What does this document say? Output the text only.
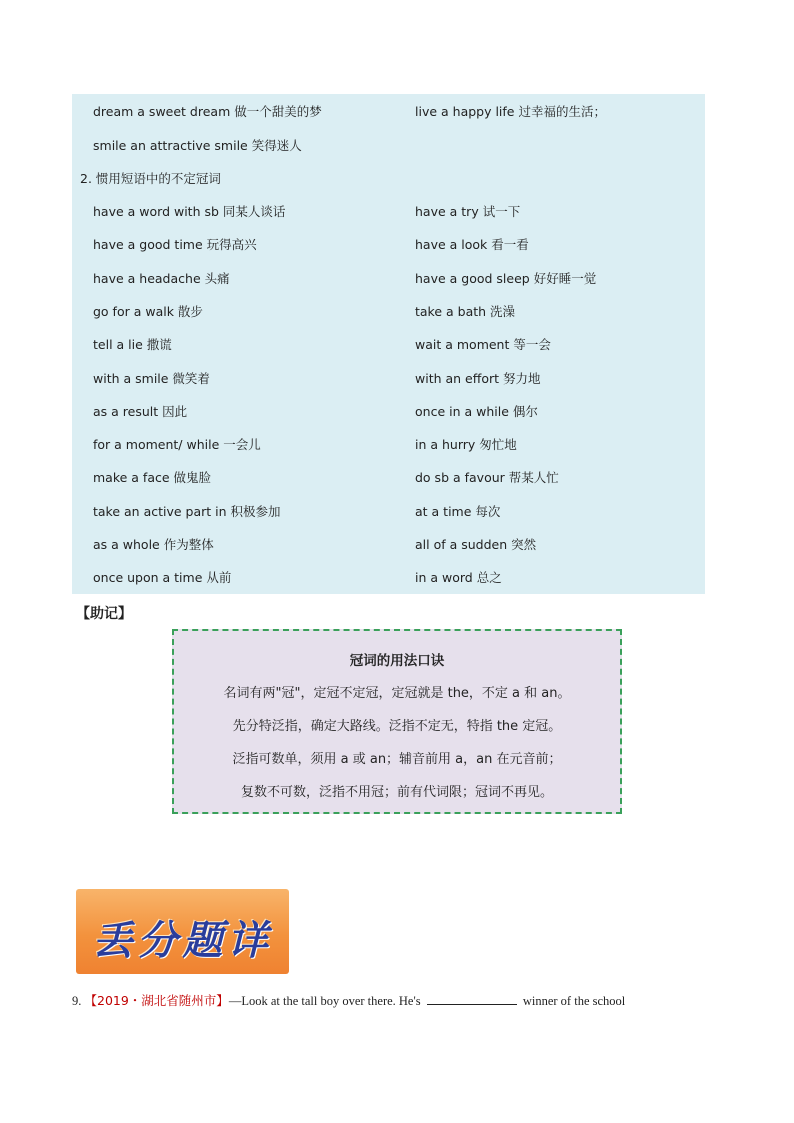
dream a sweet dream 做一个甜美的梦	live a happy life 过幸福的生活；
smile an attractive smile 笑得迷人
2. 惯用短语中的不定冠词
have a word with sb 同某人谈话	have a try 试一下
have a good time 玩得高兴	have a look 看一看
have a headache 头痛	have a good sleep 好好睡一觉
go for a walk 散步	take a bath 洗澡
tell a lie 撒谎	wait a moment 等一会
with a smile 微笑着	with an effort 努力地
as a result 因此	once in a while 偶尔
for a moment/ while 一会儿	in a hurry 匆忙地
make a face 做鬼脸	do sb a favour 帮某人忙
take an active part in 积极参加	at a time 每次
as a whole 作为整体	all of a sudden 突然
once upon a time 从前	in a word 总之
【助记】
冠词的用法口诀
名词有两"冠"，定冠不定冠，定冠就是 the，不定 a 和 an。
先分特泛指，确定大路线。泛指不定无，特指 the 定冠。
泛指可数单，须用 a 或 an；辅音前用 a，an 在元音前；
复数不可数，泛指不用冠；前有代词限；冠词不再见。
丢分题详
9. 【2019・湖北省随州市】—Look at the tall boy over there. He's	winner of the school
